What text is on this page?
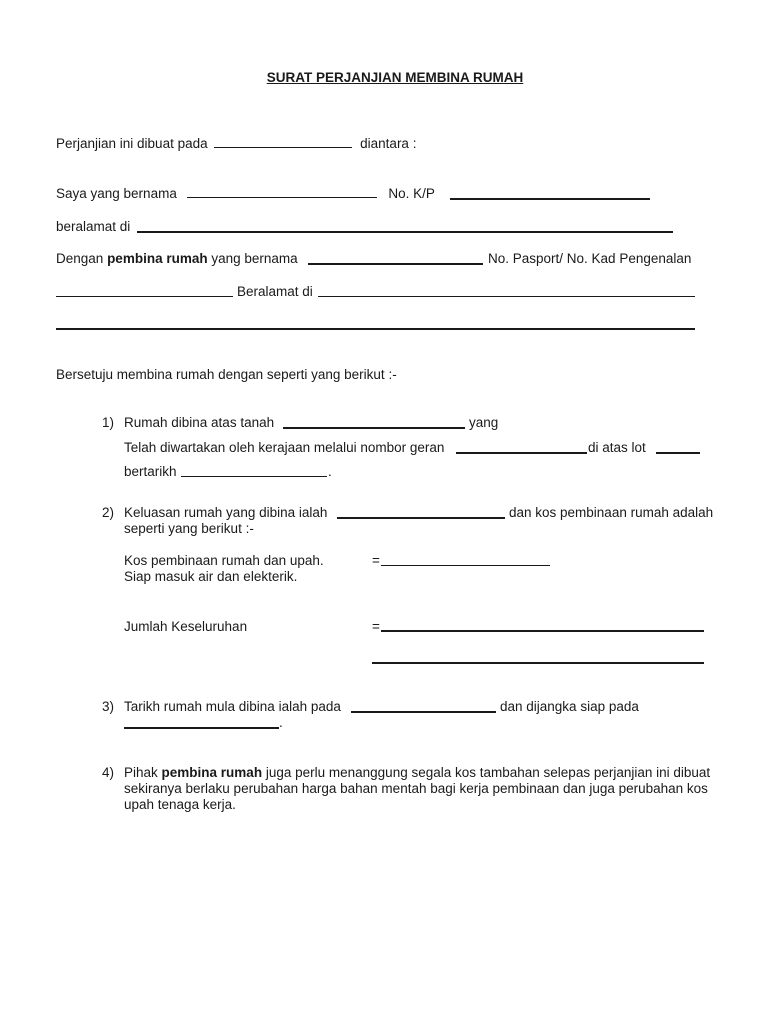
SURAT PERJANJIAN MEMBINA RUMAH
Perjanjian ini dibuat pada	diantara :
Saya yang bernama	No. K/P
beralamat di
Dengan pembina rumah yang bernama	No. Pasport/ No. Kad Pengenalan
Beralamat di
Bersetuju membina rumah dengan seperti yang berikut :-
1) Rumah dibina atas tanah	yang
Telah diwartakan oleh kerajaan melalui nombor geran	di atas lot
bertarikh	.
2) Keluasan rumah yang dibina ialah	dan kos pembinaan rumah adalah
seperti yang berikut :-
Kos pembinaan rumah dan upah.
Siap masuk air dan elekterik.
=
Jumlah Keseluruhan	=
3) Tarikh rumah mula dibina ialah pada	dan dijangka siap pada
.
4) Pihak pembina rumah juga perlu menanggung segala kos tambahan selepas perjanjian ini dibuat
sekiranya berlaku perubahan harga bahan mentah bagi kerja pembinaan dan juga perubahan kos
upah tenaga kerja.
